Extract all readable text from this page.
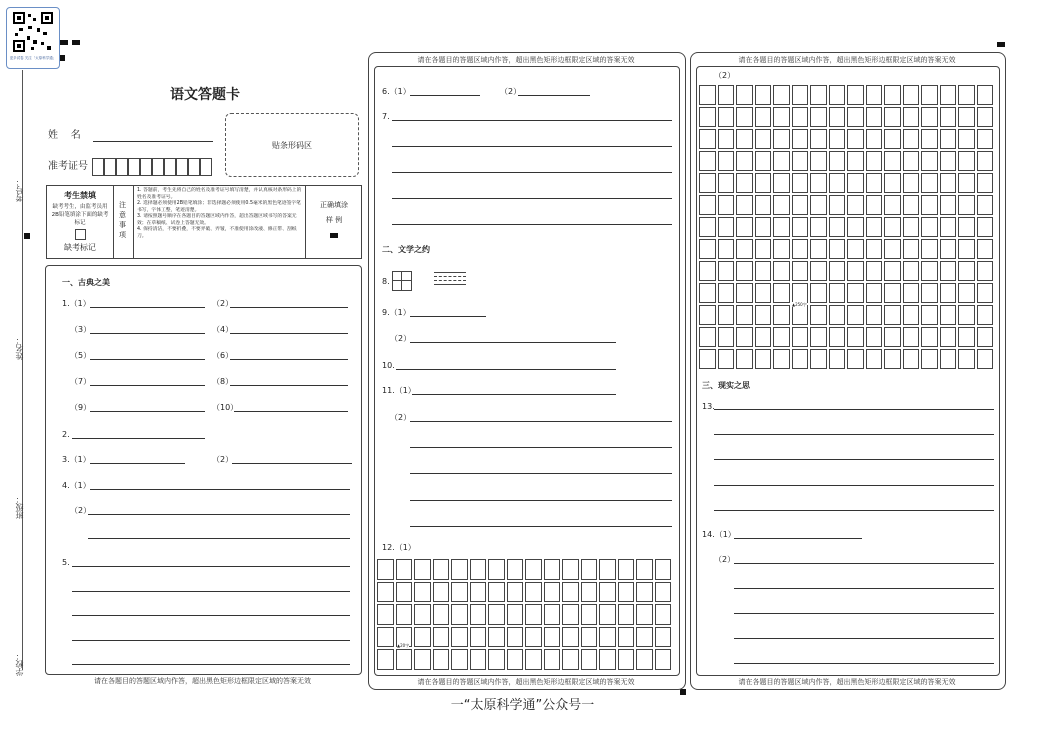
更多试卷 关注「太原科学通」
考号：
姓名：
班级：
学校：
语文答题卡
姓    名
准考证号
贴条形码区
考生禁填
缺考考生，由监考员用2B铅笔填涂下面的缺考标记
缺考标记
注意事项
1. 答题前，考生先将自己的姓名及准考证号填写清楚，并认真核对条形码上的姓名及准考证号。
2. 选择题必须使用2B铅笔填涂；非选择题必须使用0.5毫米的黑色笔迹签字笔书写，字体工整，笔迹清楚。
3. 请按照题号顺序在各题目的答题区域内作答，超出答题区域书写的答案无效；在草稿纸、试卷上答题无效。
4. 保持清洁，不要折叠，不要弄破、弄皱，不准使用涂改液、修正带、刮纸刀。
正确填涂
样 例
一、古典之美
1.（1）	（2）
（3）	（4）
（5）	（6）
（7）	（8）
（9）	（10）
2.
3.（1）	（2）
4.（1）
（2）
5.
请在各题目的答题区域内作答，超出黑色矩形边框限定区域的答案无效
请在各题目的答题区域内作答，超出黑色矩形边框限定区域的答案无效
请在各题目的答题区域内作答，超出黑色矩形边框限定区域的答案无效
6.（1）	（2）
7.
二、文学之约
8.
9.（1）
（2）
10.
11.（1）
（2）
12.（1）
▲20字
请在各题目的答题区域内作答，超出黑色矩形边框限定区域的答案无效
请在各题目的答题区域内作答，超出黑色矩形边框限定区域的答案无效
（2）
▲250字
三、现实之思
13.
14.（1）
（2）
一“太原科学通”公众号一
